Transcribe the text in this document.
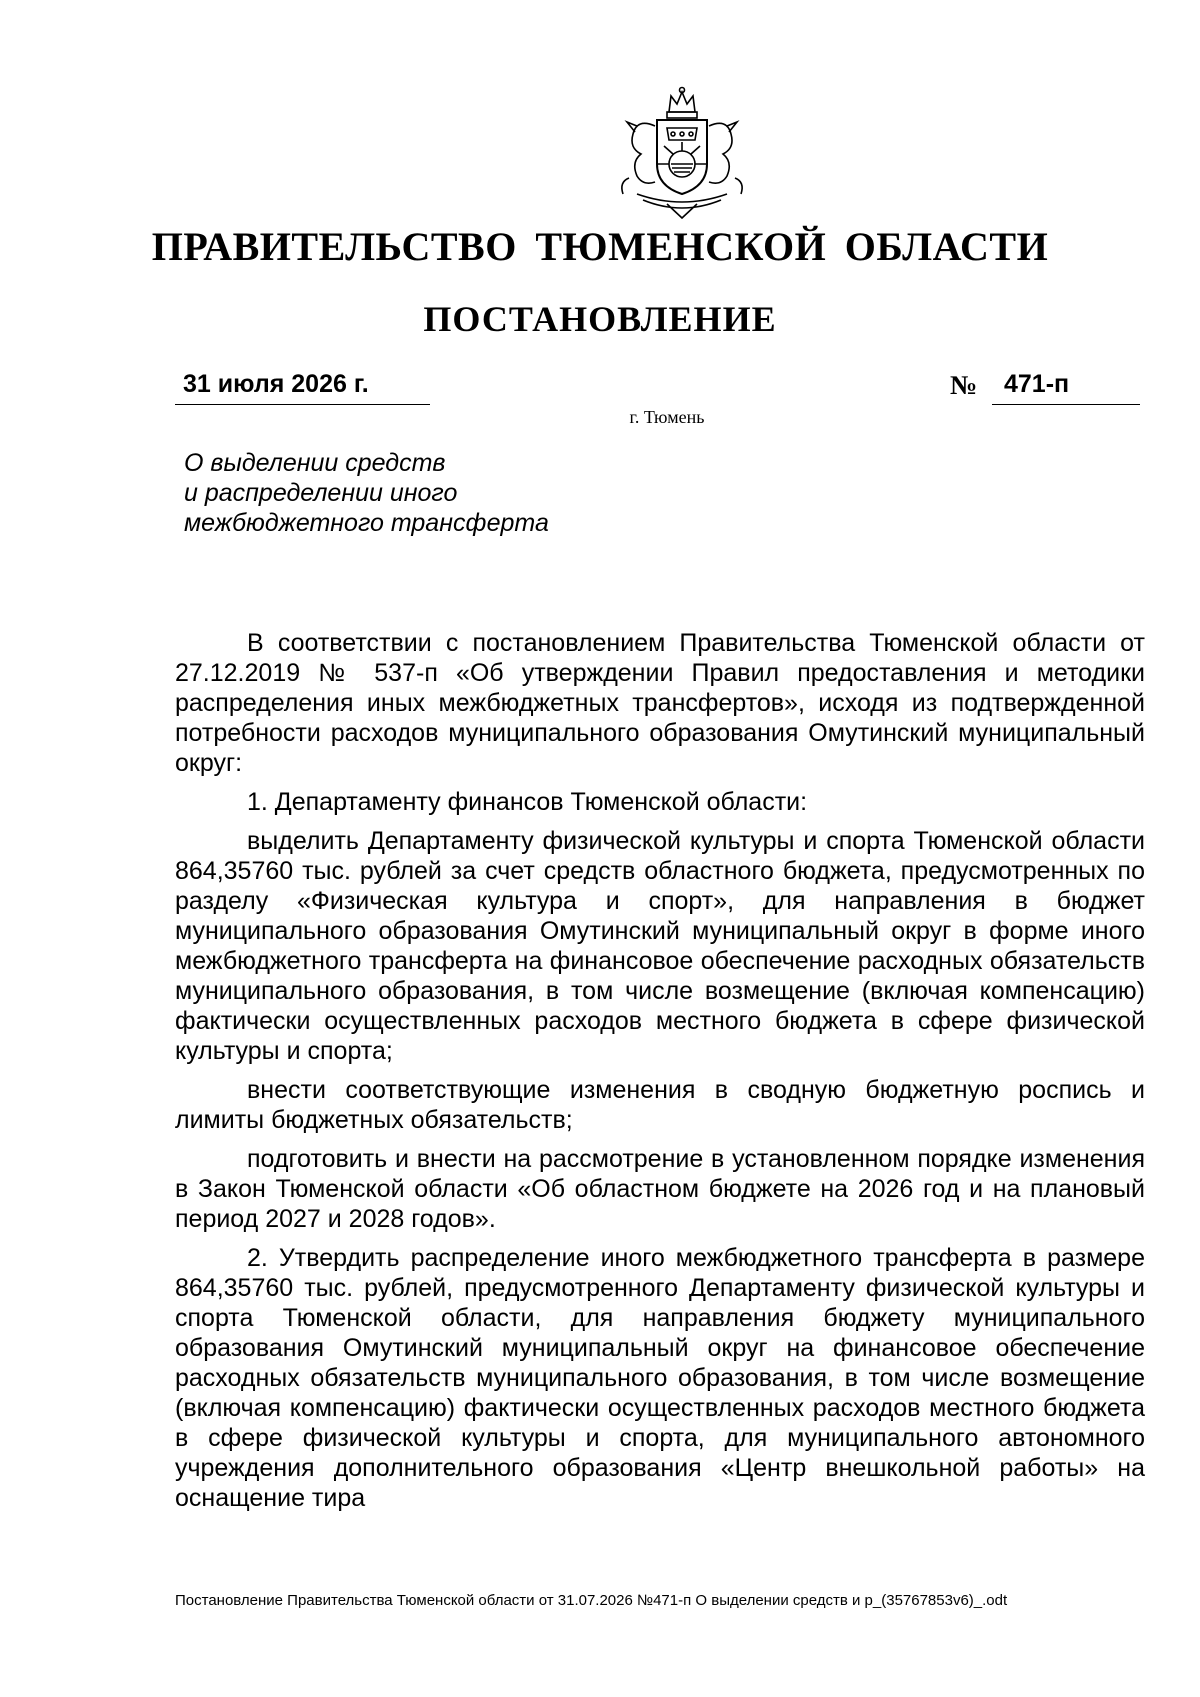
ПРАВИТЕЛЬСТВО ТЮМЕНСКОЙ ОБЛАСТИ
ПОСТАНОВЛЕНИЕ
31 июля 2026 г.	№ 471-п
г. Тюмень
О выделении средств
и распределении иного
межбюджетного трансферта

В соответствии с постановлением Правительства Тюменской области от 27.12.2019 № 537-п «Об утверждении Правил предоставления и методики распределения иных межбюджетных трансфертов», исходя из подтвержденной потребности расходов муниципального образования Омутинский муниципальный округ:

1. Департаменту финансов Тюменской области:

выделить Департаменту физической культуры и спорта Тюменской области 864,35760 тыс. рублей за счет средств областного бюджета, предусмотренных по разделу «Физическая культура и спорт», для направления в бюджет муниципального образования Омутинский муниципальный округ в форме иного межбюджетного трансферта на финансовое обеспечение расходных обязательств муниципального образования, в том числе возмещение (включая компенсацию) фактически осуществленных расходов местного бюджета в сфере физической культуры и спорта;

внести соответствующие изменения в сводную бюджетную роспись и лимиты бюджетных обязательств;

подготовить и внести на рассмотрение в установленном порядке изменения в Закон Тюменской области «Об областном бюджете на 2026 год и на плановый период 2027 и 2028 годов».

2. Утвердить распределение иного межбюджетного трансферта в размере 864,35760 тыс. рублей, предусмотренного Департаменту физической культуры и спорта Тюменской области, для направления бюджету муниципального образования Омутинский муниципальный округ на финансовое обеспечение расходных обязательств муниципального образования, в том числе возмещение (включая компенсацию) фактически осуществленных расходов местного бюджета в сфере физической культуры и спорта, для муниципального автономного учреждения дополнительного образования «Центр внешкольной работы» на оснащение тира

Постановление Правительства Тюменской области от 31.07.2026 №471-п О выделении средств и р_(35767853v6)_.odt
